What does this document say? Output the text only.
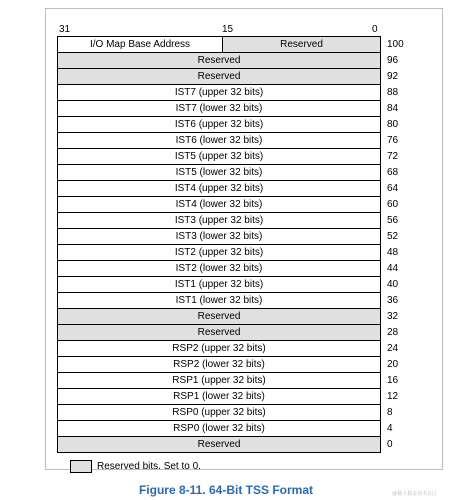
31	15	0
I/O Map Base Address	Reserved	100
Reserved	96
Reserved	92
IST7 (upper 32 bits)	88
IST7 (lower 32 bits)	84
IST6 (upper 32 bits)	80
IST6 (lower 32 bits)	76
IST5 (upper 32 bits)	72
IST5 (lower 32 bits)	68
IST4 (upper 32 bits)	64
IST4 (lower 32 bits)	60
IST3 (upper 32 bits)	56
IST3 (lower 32 bits)	52
IST2 (upper 32 bits)	48
IST2 (lower 32 bits)	44
IST1 (upper 32 bits)	40
IST1 (lower 32 bits)	36
Reserved	32
Reserved	28
RSP2 (upper 32 bits)	24
RSP2 (lower 32 bits)	20
RSP1 (upper 32 bits)	16
RSP1 (lower 32 bits)	12
RSP0 (upper 32 bits)	8
RSP0 (lower 32 bits)	4
Reserved	0
Reserved bits. Set to 0.
Figure 8-11. 64-Bit TSS Format	@稀土掘金技术社区
